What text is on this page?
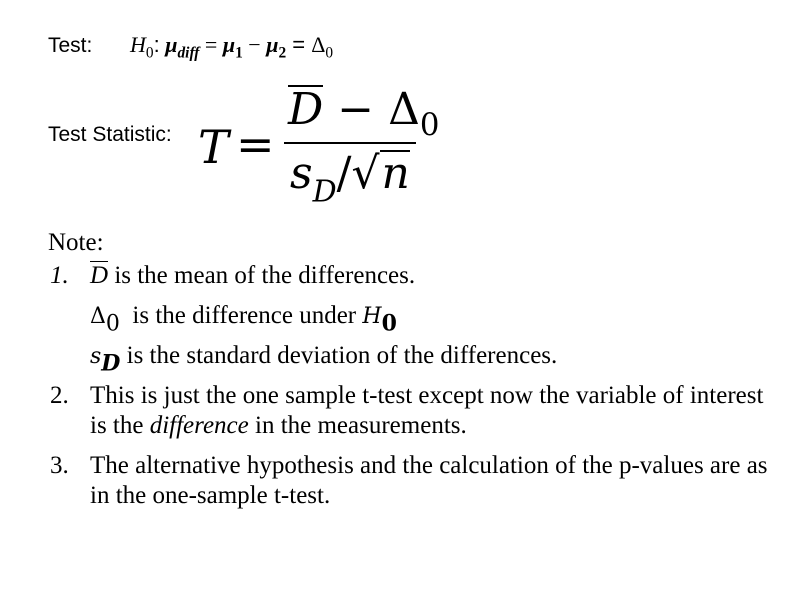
Test: $H_0$: $\mu_{diff} = \mu_1 - \mu_2 = \Delta_0$
Test Statistic: T =
$D - \Delta_0$
$s_D/√n$
Note:
1. D is the mean of the differences.
Δ0  is the difference under H0
sD is the standard deviation of the differences.
2. This is just the one sample t-test except now the variable of interest is the difference in the measurements.
3. The alternative hypothesis and the calculation of the p-values are as in the one-sample t-test.
